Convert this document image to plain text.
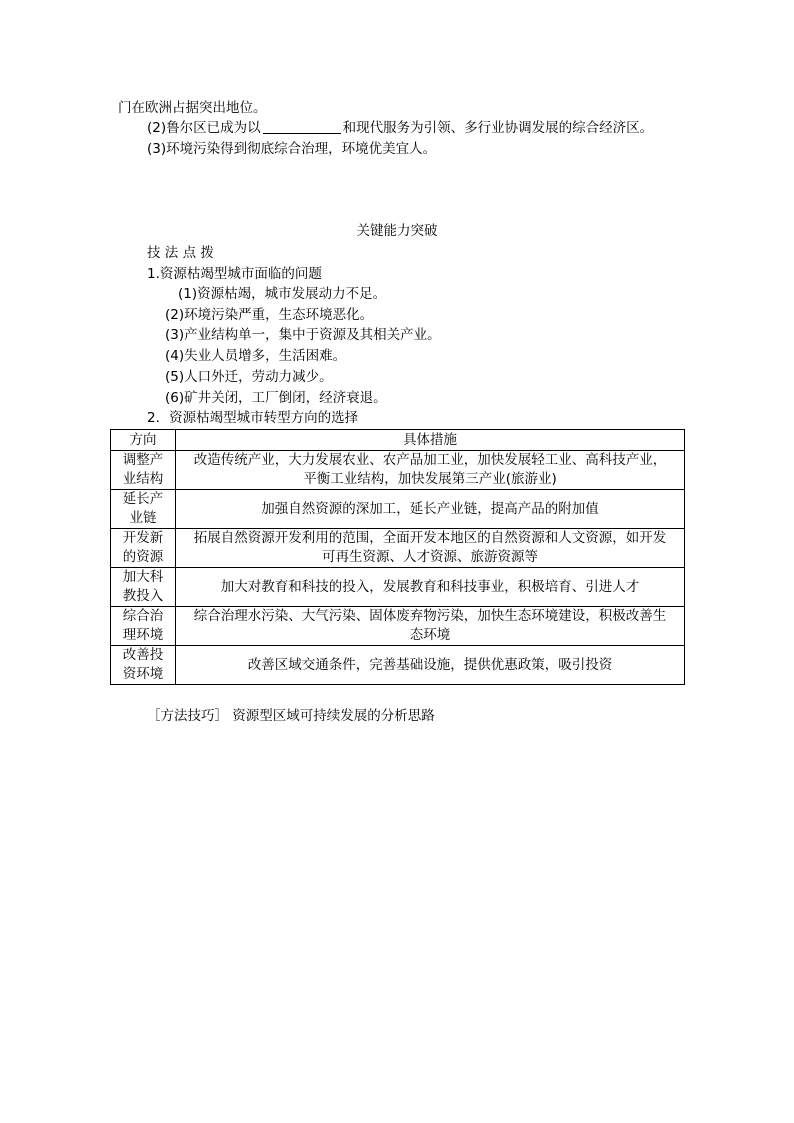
门在欧洲占据突出地位。
(2)鲁尔区已成为以	和现代服务为引领、多行业协调发展的综合经济区。
(3)环境污染得到彻底综合治理，环境优美宜人。
关键能力突破
技 法 点 拨
1.资源枯竭型城市面临的问题
(1)资源枯竭，城市发展动力不足。
(2)环境污染严重，生态环境恶化。
(3)产业结构单一，集中于资源及其相关产业。
(4)失业人员增多，生活困难。
(5)人口外迁，劳动力减少。
(6)矿井关闭，工厂倒闭，经济衰退。
2．资源枯竭型城市转型方向的选择
方向	具体措施
调整产
业结构	改造传统产业，大力发展农业、农产品加工业，加快发展轻工业、高科技产业，
平衡工业结构，加快发展第三产业(旅游业)
延长产
业链	加强自然资源的深加工，延长产业链，提高产品的附加值
开发新
的资源	拓展自然资源开发利用的范围，全面开发本地区的自然资源和人文资源，如开发
可再生资源、人才资源、旅游资源等
加大科
教投入	加大对教育和科技的投入，发展教育和科技事业，积极培育、引进人才
综合治
理环境	综合治理水污染、大气污染、固体废弃物污染，加快生态环境建设，积极改善生
态环境
改善投
资环境	改善区域交通条件，完善基础设施，提供优惠政策，吸引投资
［方法技巧］ 资源型区域可持续发展的分析思路
